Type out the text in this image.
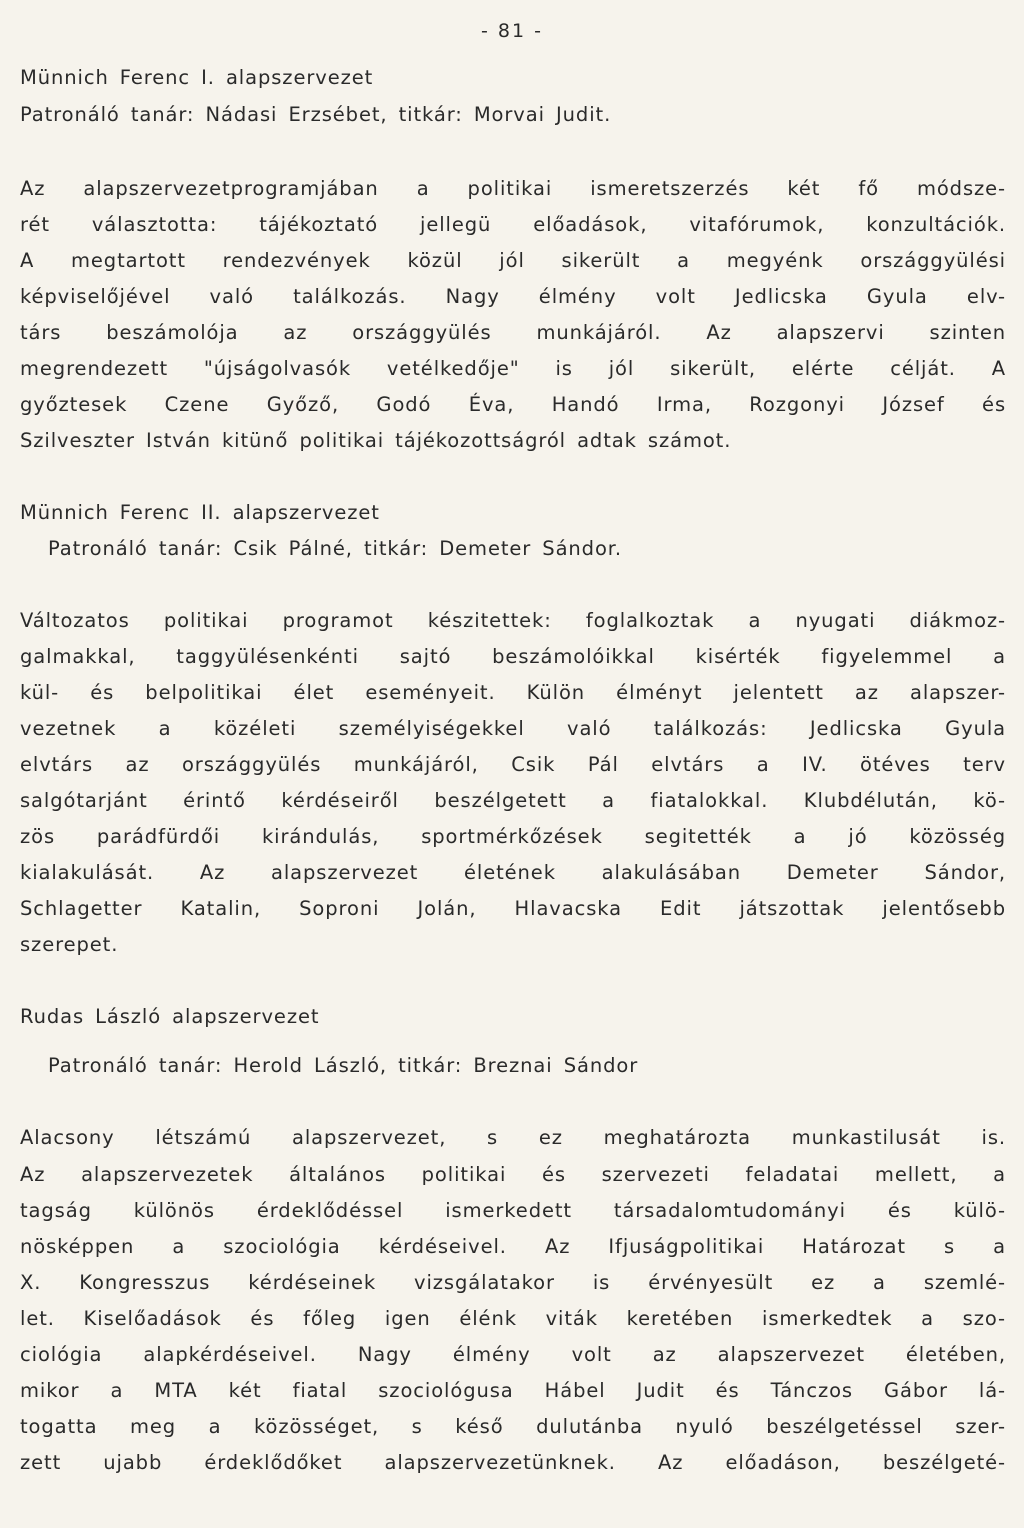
- 81 -
Münnich Ferenc I. alapszervezet
Patronáló tanár: Nádasi Erzsébet, titkár: Morvai Judit.
Az alapszervezetprogramjában a politikai ismeretszerzés két fő módsze-
rét választotta: tájékoztató jellegü előadások, vitafórumok, konzultációk.
A megtartott rendezvények közül jól sikerült a megyénk országgyülési
képviselőjével való találkozás. Nagy élmény volt Jedlicska Gyula elv-
társ beszámolója az országgyülés munkájáról. Az alapszervi szinten
megrendezett "újságolvasók vetélkedője" is jól sikerült, elérte célját. A
győztesek Czene Győző, Godó Éva, Handó Irma, Rozgonyi József és
Szilveszter István kitünő politikai tájékozottságról adtak számot.
Münnich Ferenc II. alapszervezet
Patronáló tanár: Csik Pálné, titkár: Demeter Sándor.
Változatos politikai programot készitettek: foglalkoztak a nyugati diákmoz-
galmakkal, taggyülésenkénti sajtó beszámolóikkal kisérték figyelemmel a
kül- és belpolitikai élet eseményeit. Külön élményt jelentett az alapszer-
vezetnek a közéleti személyiségekkel való találkozás: Jedlicska Gyula
elvtárs az országgyülés munkájáról, Csik Pál elvtárs a IV. ötéves terv
salgótarjánt érintő kérdéseiről beszélgetett a fiatalokkal. Klubdélután, kö-
zös parádfürdői kirándulás, sportmérkőzések segitették a jó közösség
kialakulását. Az alapszervezet életének alakulásában Demeter Sándor,
Schlagetter Katalin, Soproni Jolán, Hlavacska Edit játszottak jelentősebb
szerepet.
Rudas László alapszervezet
Patronáló tanár: Herold László, titkár: Breznai Sándor
Alacsony létszámú alapszervezet, s ez meghatározta munkastilusát is.
Az alapszervezetek általános politikai és szervezeti feladatai mellett, a
tagság különös érdeklődéssel ismerkedett társadalomtudományi és külö-
nösképpen a szociológia kérdéseivel. Az Ifjuságpolitikai Határozat s a
X. Kongresszus kérdéseinek vizsgálatakor is érvényesült ez a szemlé-
let. Kiselőadások és főleg igen élénk viták keretében ismerkedtek a szo-
ciológia alapkérdéseivel. Nagy élmény volt az alapszervezet életében,
mikor a MTA két fiatal szociológusa Hábel Judit és Tánczos Gábor lá-
togatta meg a közösséget, s késő dulutánba nyuló beszélgetéssel szer-
zett ujabb érdeklődőket alapszervezetünknek. Az előadáson, beszélgeté-
